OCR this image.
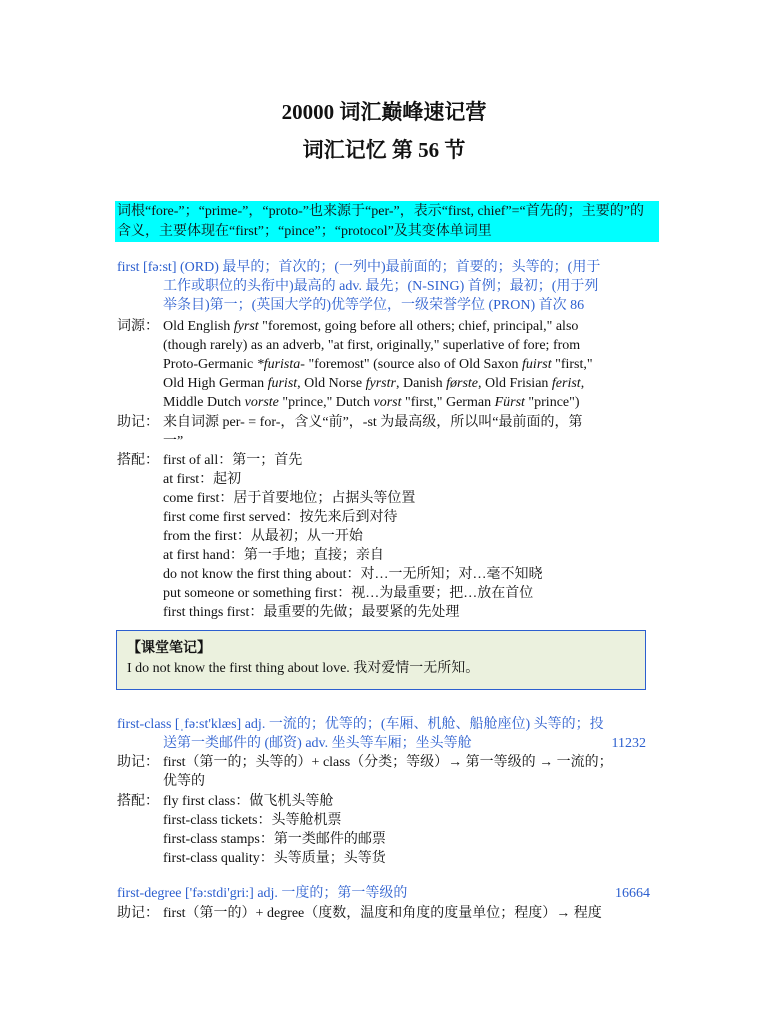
20000 词汇巅峰速记营
词汇记忆 第 56 节
词根“fore-”；“prime-”，“proto-”也来源于“per-”，表示“first, chief”=“首先的；主要的”的含义，主要体现在“first”；“pince”；“protocol”及其变体单词里
first [fə:st] (ORD) 最早的；首次的；(一列中)最前面的；首要的；头等的；(用于
工作或职位的头衔中)最高的 adv. 最先；(N-SING) 首例；最初；(用于列
举条目)第一；(英国大学的)优等学位，一级荣誉学位 (PRON) 首次 86
词源： Old English fyrst "foremost, going before all others; chief, principal," also
(though rarely) as an adverb, "at first, originally," superlative of fore; from
Proto-Germanic *furista- "foremost" (source also of Old Saxon fuirst "first,"
Old High German furist, Old Norse fyrstr, Danish første, Old Frisian ferist,
Middle Dutch vorste "prince," Dutch vorst "first," German Fürst "prince")
助记： 来自词源 per- = for-，含义“前”，-st 为最高级，所以叫“最前面的，第
一”
搭配： first of all：第一；首先
at first：起初
come first：居于首要地位；占据头等位置
first come first served：按先来后到对待
from the first：从最初；从一开始
at first hand：第一手地；直接；亲自
do not know the first thing about：对…一无所知；对…毫不知晓
put someone or something first：视…为最重要；把…放在首位
first things first：最重要的先做；最要紧的先处理
【课堂笔记】
I do not know the first thing about love. 我对爱情一无所知。
first-class [ˌfə:st'klæs] adj. 一流的；优等的；(车厢、机舱、船舱座位) 头等的；投
送第一类邮件的 (邮资) adv. 坐头等车厢；坐头等舱	11232
助记： first（第一的；头等的）+ class（分类；等级）→ 第一等级的 → 一流的；
优等的
搭配： fly first class：做飞机头等舱
first-class tickets：头等舱机票
first-class stamps：第一类邮件的邮票
first-class quality：头等质量；头等货
first-degree ['fə:stdi'gri:] adj. 一度的；第一等级的	16664
助记： first（第一的）+ degree（度数，温度和角度的度量单位；程度）→ 程度
